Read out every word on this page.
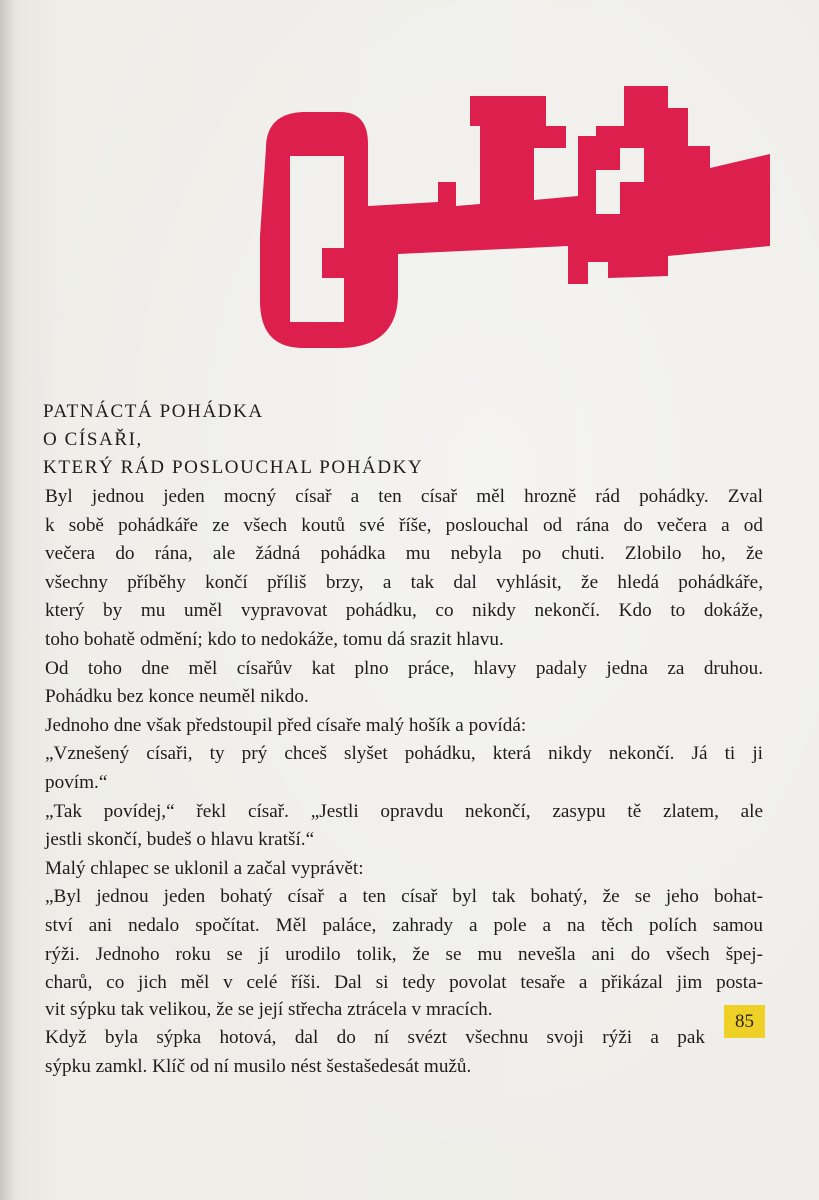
PATNÁCTÁ POHÁDKA
O CÍSAŘI,
KTERÝ RÁD POSLOUCHAL POHÁDKY
Byl jednou jeden mocný císař a ten císař měl hrozně rád pohádky. Zval
k sobě pohádkáře ze všech koutů své říše, poslouchal od rána do večera a od
večera do rána, ale žádná pohádka mu nebyla po chuti. Zlobilo ho, že
všechny příběhy končí příliš brzy, a tak dal vyhlásit, že hledá pohádkáře,
který by mu uměl vypravovat pohádku, co nikdy nekončí. Kdo to dokáže,
toho bohatě odmění; kdo to nedokáže, tomu dá srazit hlavu.
Od toho dne měl císařův kat plno práce, hlavy padaly jedna za druhou.
Pohádku bez konce neuměl nikdo.
Jednoho dne však předstoupil před císaře malý hošík a povídá:
„Vznešený císaři, ty prý chceš slyšet pohádku, která nikdy nekončí. Já ti ji
povím.“
„Tak povídej,“ řekl císař. „Jestli opravdu nekončí, zasypu tě zlatem, ale
jestli skončí, budeš o hlavu kratší.“
Malý chlapec se uklonil a začal vyprávět:
„Byl jednou jeden bohatý císař a ten císař byl tak bohatý, že se jeho bohat-
ství ani nedalo spočítat. Měl paláce, zahrady a pole a na těch polích samou
rýži. Jednoho roku se jí urodilo tolik, že se mu nevešla ani do všech špej-
charů, co jich měl v celé říši. Dal si tedy povolat tesaře a přikázal jim posta-
vit sýpku tak velikou, že se její střecha ztrácela v mracích.
Když byla sýpka hotová, dal do ní svézt všechnu svoji rýži a pak
sýpku zamkl. Klíč od ní musilo nést šestašedesát mužů.
85
